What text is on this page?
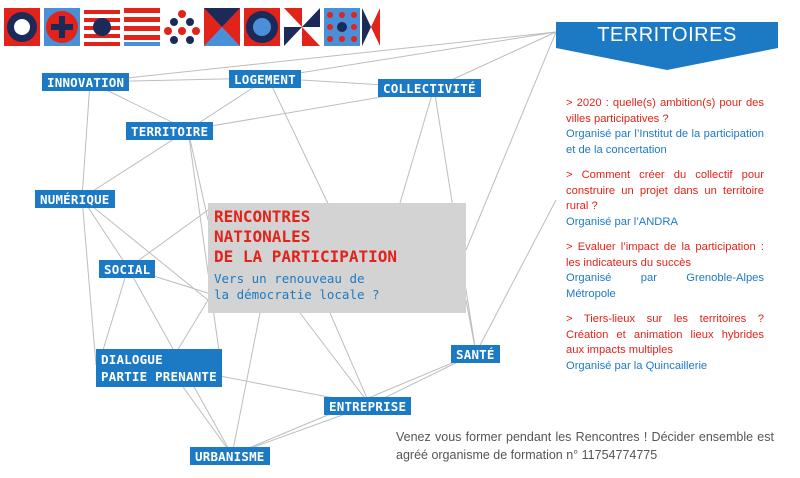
INNOVATION	LOGEMENT
COLLECTIVITÉ
TERRITOIRE
NUMÉRIQUE
SOCIAL
DIALOGUE
PARTIE PRENANTE
SANTÉ
ENTREPRISE
URBANISME
RENCONTRES
NATIONALES
DE LA PARTICIPATION
Vers un renouveau de
la démocratie locale ?
TERRITOIRES
> 2020 : quelle(s) ambition(s) pour des villes participatives ?
Organisé par l’Institut de la participation et de la concertation
> Comment créer du collectif pour construire un projet dans un territoire rural ?
Organisé par l’ANDRA
> Evaluer l’impact de la participation : les indicateurs du succès
Organisé par Grenoble-Alpes Métropole
> Tiers-lieux sur les territoires ? Création et animation lieux hybrides aux impacts multiples
Organisé par la Quincaillerie
Venez vous former pendant les Rencontres ! Décider ensemble est agréé organisme de formation n° 11754774775
